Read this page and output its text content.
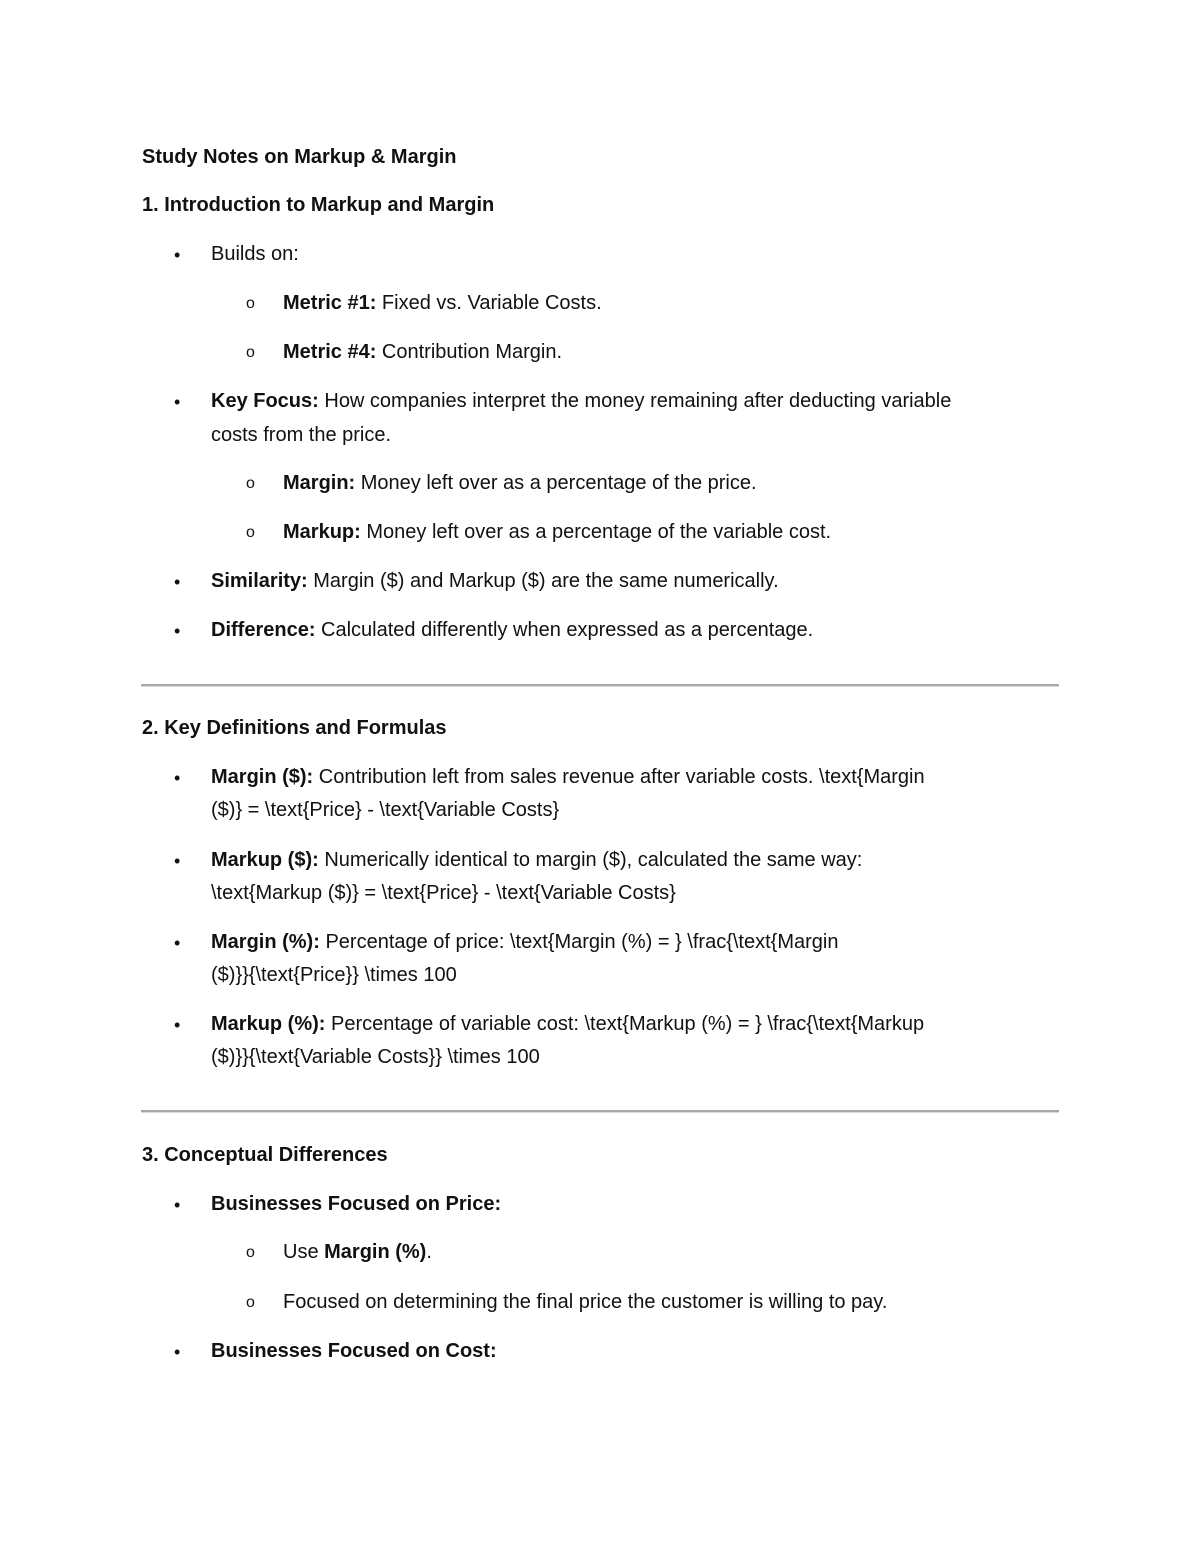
Study Notes on Markup & Margin
1. Introduction to Markup and Margin
• Builds on:
o Metric #1: Fixed vs. Variable Costs.
o Metric #4: Contribution Margin.
• Key Focus: How companies interpret the money remaining after deducting variable
costs from the price.
o Margin: Money left over as a percentage of the price.
o Markup: Money left over as a percentage of the variable cost.
• Similarity: Margin ($) and Markup ($) are the same numerically.
• Difference: Calculated differently when expressed as a percentage.
2. Key Definitions and Formulas
• Margin ($): Contribution left from sales revenue after variable costs. \text{Margin
($)} = \text{Price} - \text{Variable Costs}
• Markup ($): Numerically identical to margin ($), calculated the same way:
\text{Markup ($)} = \text{Price} - \text{Variable Costs}
• Margin (%): Percentage of price: \text{Margin (%) = } \frac{\text{Margin
($)}}{\text{Price}} \times 100
• Markup (%): Percentage of variable cost: \text{Markup (%) = } \frac{\text{Markup
($)}}{\text{Variable Costs}} \times 100
3. Conceptual Differences
• Businesses Focused on Price:
o Use Margin (%).
o Focused on determining the final price the customer is willing to pay.
• Businesses Focused on Cost:
